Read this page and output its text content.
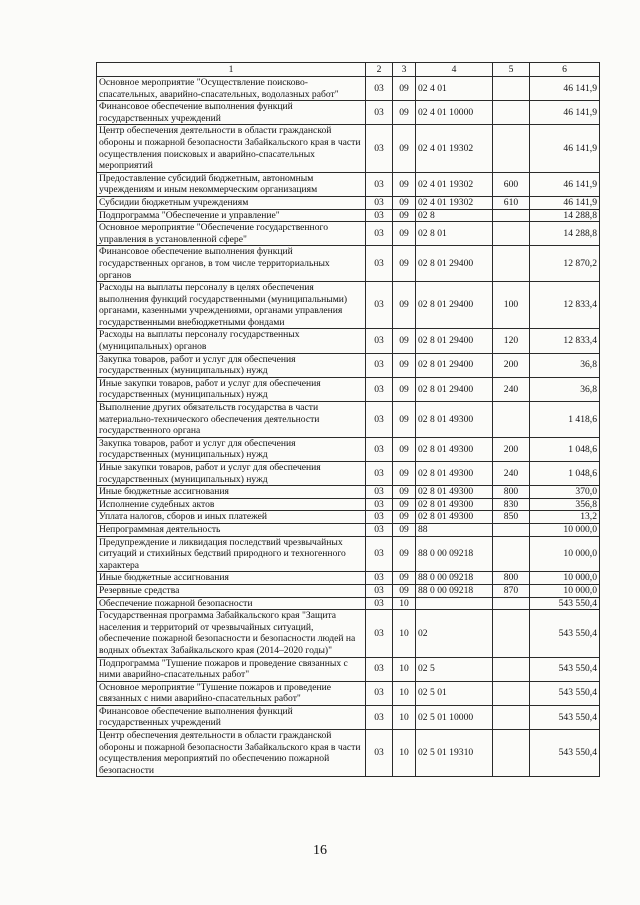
1	2	3	4	5	6
Основное мероприятие "Осуществление поисково-спасательных, аварийно-спасательных, водолазных работ"	03	09	02 4 01		46 141,9
Финансовое обеспечение выполнения функций государственных учреждений	03	09	02 4 01 10000		46 141,9
Центр обеспечения деятельности в области гражданской обороны и пожарной безопасности Забайкальского края в части осуществления поисковых и аварийно-спасательных мероприятий	03	09	02 4 01 19302		46 141,9
Предоставление субсидий бюджетным, автономным учреждениям и иным некоммерческим организациям	03	09	02 4 01 19302	600	46 141,9
Субсидии бюджетным учреждениям	03	09	02 4 01 19302	610	46 141,9
Подпрограмма "Обеспечение и управление"	03	09	02 8		14 288,8
Основное мероприятие "Обеспечение государственного управления в установленной сфере"	03	09	02 8 01		14 288,8
Финансовое обеспечение выполнения функций государственных органов, в том числе территориальных органов	03	09	02 8 01 29400		12 870,2
Расходы на выплаты персоналу в целях обеспечения выполнения функций государственными (муниципальными) органами, казенными учреждениями, органами управления государственными внебюджетными фондами	03	09	02 8 01 29400	100	12 833,4
Расходы на выплаты персоналу государственных (муниципальных) органов	03	09	02 8 01 29400	120	12 833,4
Закупка товаров, работ и услуг для обеспечения государственных (муниципальных) нужд	03	09	02 8 01 29400	200	36,8
Иные закупки товаров, работ и услуг для обеспечения государственных (муниципальных) нужд	03	09	02 8 01 29400	240	36,8
Выполнение других обязательств государства в части материально-технического обеспечения деятельности государственного органа	03	09	02 8 01 49300		1 418,6
Закупка товаров, работ и услуг для обеспечения государственных (муниципальных) нужд	03	09	02 8 01 49300	200	1 048,6
Иные закупки товаров, работ и услуг для обеспечения государственных (муниципальных) нужд	03	09	02 8 01 49300	240	1 048,6
Иные бюджетные ассигнования	03	09	02 8 01 49300	800	370,0
Исполнение судебных актов	03	09	02 8 01 49300	830	356,8
Уплата налогов, сборов и иных платежей	03	09	02 8 01 49300	850	13,2
Непрограммная деятельность	03	09	88		10 000,0
Предупреждение и ликвидация последствий чрезвычайных ситуаций и стихийных бедствий природного и техногенного характера	03	09	88 0 00 09218		10 000,0
Иные бюджетные ассигнования	03	09	88 0 00 09218	800	10 000,0
Резервные средства	03	09	88 0 00 09218	870	10 000,0
Обеспечение пожарной безопасности	03	10			543 550,4
Государственная программа Забайкальского края "Защита населения и территорий от чрезвычайных ситуаций, обеспечение пожарной безопасности и безопасности людей на водных объектах Забайкальского края (2014–2020 годы)"	03	10	02		543 550,4
Подпрограмма "Тушение пожаров и проведение связанных с ними аварийно-спасательных работ"	03	10	02 5		543 550,4
Основное мероприятие "Тушение пожаров и проведение связанных с ними аварийно-спасательных работ"	03	10	02 5 01		543 550,4
Финансовое обеспечение выполнения функций государственных учреждений	03	10	02 5 01 10000		543 550,4
Центр обеспечения деятельности в области гражданской обороны и пожарной безопасности Забайкальского края в части осуществления мероприятий по обеспечению пожарной безопасности	03	10	02 5 01 19310		543 550,4
16
